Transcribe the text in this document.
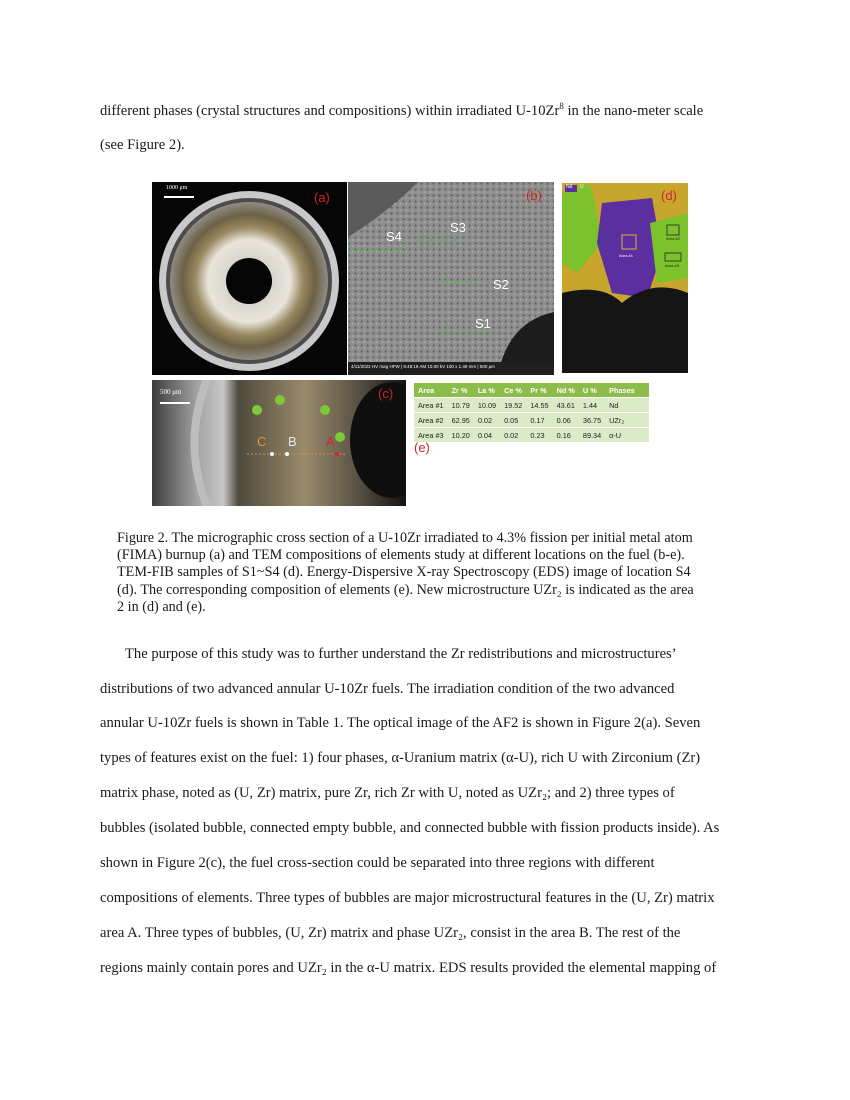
different phases (crystal structures and compositions) within irradiated U-10Zr$^8$ in the nano-meter scale
(see Figure 2).
(a)
1000 μm	(b)
S3
S4
S2
S1
4/11/2022 HV mag HFW | 9:49:19 AM 10.00 kV 100 x 1.49 mm | 500 μm
(d)
Nd U
Area #1
Area #2
Area #3
(c)
500 μm
C B A
Area	Zr %	La %	Ce %	Pr %	Nd %	U %	Phases
Area #1	10.79	10.09	19.52	14.55	43.61	1.44	Nd
Area #2	62.95	0.02	0.05	0.17	0.06	36.75	UZr₂
Area #3	10.20	0.04	0.02	0.23	0.16	89.34	α-U
(e)
Figure 2. The micrographic cross section of a U-10Zr irradiated to 4.3% fission per initial metal atom
(FIMA) burnup (a) and TEM compositions of elements study at different locations on the fuel (b-e).
TEM-FIB samples of S1~S4 (d). Energy-Dispersive X-ray Spectroscopy (EDS) image of location S4
(d). The corresponding composition of elements (e). New microstructure UZr₂ is indicated as the area
2 in (d) and (e).
The purpose of this study was to further understand the Zr redistributions and microstructures’
distributions of two advanced annular U-10Zr fuels. The irradiation condition of the two advanced
annular U-10Zr fuels is shown in Table 1. The optical image of the AF2 is shown in Figure 2(a). Seven
types of features exist on the fuel: 1) four phases, α-Uranium matrix (α-U), rich U with Zirconium (Zr)
matrix phase, noted as (U, Zr) matrix, pure Zr, rich Zr with U, noted as UZr₂; and 2) three types of
bubbles (isolated bubble, connected empty bubble, and connected bubble with fission products inside). As
shown in Figure 2(c), the fuel cross-section could be separated into three regions with different
compositions of elements. Three types of bubbles are major microstructural features in the (U, Zr) matrix
area A. Three types of bubbles, (U, Zr) matrix and phase UZr₂, consist in the area B. The rest of the
regions mainly contain pores and UZr₂ in the α-U matrix. EDS results provided the elemental mapping of
